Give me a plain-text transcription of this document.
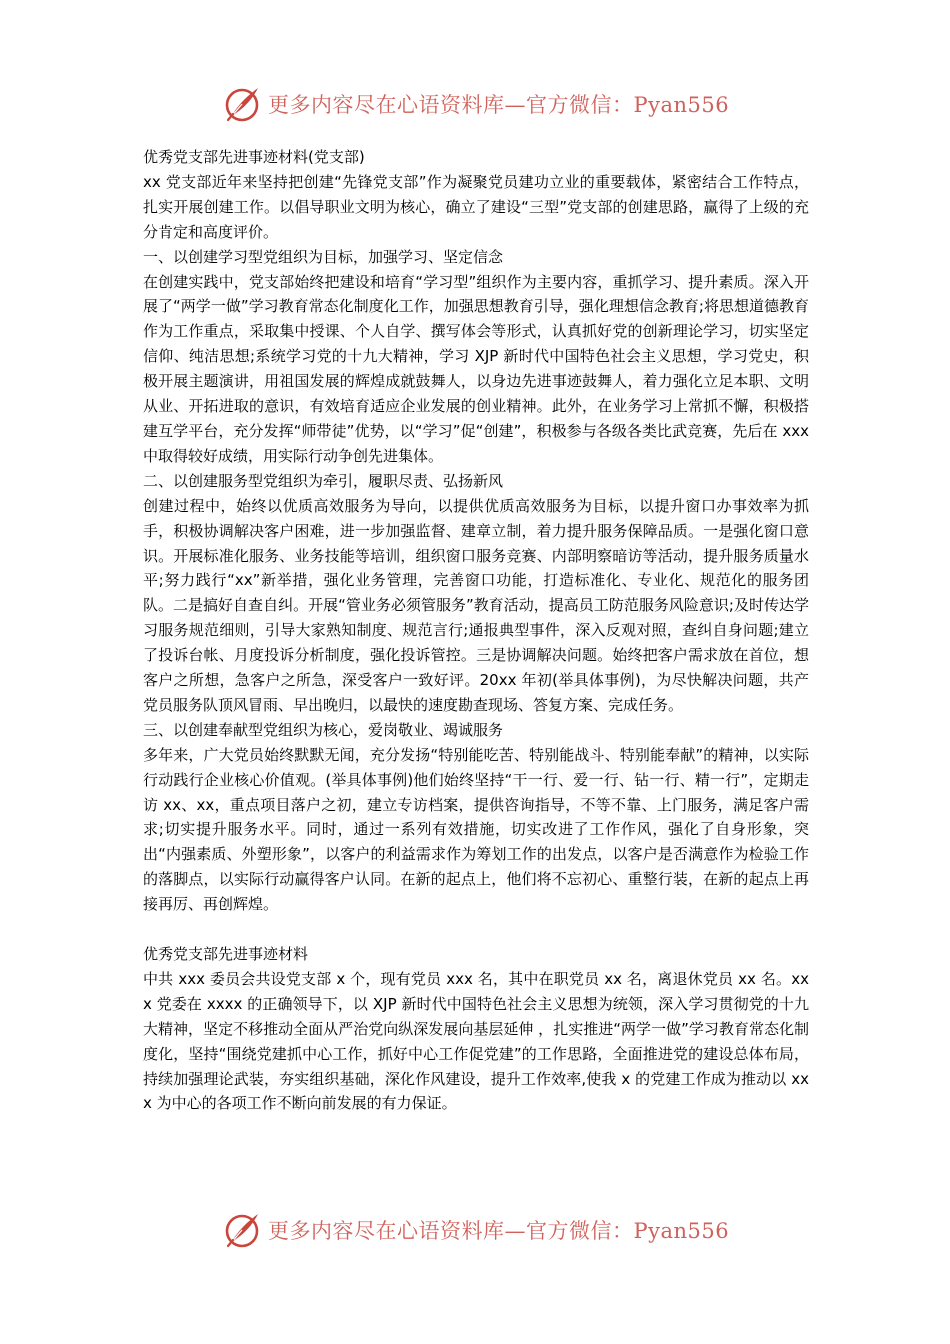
更多内容尽在心语资料库—官方微信：Pyan556

优秀党支部先进事迹材料(党支部)

xx 党支部近年来坚持把创建“先锋党支部”作为凝聚党员建功立业的重要载体，紧密结合工作特点，扎实开展创建工作。以倡导职业文明为核心，确立了建设“三型”党支部的创建思路，赢得了上级的充分肯定和高度评价。

一、以创建学习型党组织为目标，加强学习、坚定信念

在创建实践中，党支部始终把建设和培育“学习型”组织作为主要内容，重抓学习、提升素质。深入开展了“两学一做”学习教育常态化制度化工作，加强思想教育引导，强化理想信念教育;将思想道德教育作为工作重点，采取集中授课、个人自学、撰写体会等形式，认真抓好党的创新理论学习，切实坚定信仰、纯洁思想;系统学习党的十九大精神，学习 XJP 新时代中国特色社会主义思想，学习党史，积极开展主题演讲，用祖国发展的辉煌成就鼓舞人，以身边先进事迹鼓舞人，着力强化立足本职、文明从业、开拓进取的意识，有效培育适应企业发展的创业精神。此外，在业务学习上常抓不懈，积极搭建互学平台，充分发挥“师带徒”优势，以“学习”促“创建”，积极参与各级各类比武竞赛，先后在 xxx 中取得较好成绩，用实际行动争创先进集体。

二、以创建服务型党组织为牵引，履职尽责、弘扬新风

创建过程中，始终以优质高效服务为导向，以提供优质高效服务为目标，以提升窗口办事效率为抓手，积极协调解决客户困难，进一步加强监督、建章立制，着力提升服务保障品质。一是强化窗口意识。开展标准化服务、业务技能等培训，组织窗口服务竞赛、内部明察暗访等活动，提升服务质量水平;努力践行“xx”新举措，强化业务管理，完善窗口功能，打造标准化、专业化、规范化的服务团队。二是搞好自查自纠。开展“管业务必须管服务”教育活动，提高员工防范服务风险意识;及时传达学习服务规范细则，引导大家熟知制度、规范言行;通报典型事件，深入反观对照，查纠自身问题;建立了投诉台帐、月度投诉分析制度，强化投诉管控。三是协调解决问题。始终把客户需求放在首位，想客户之所想，急客户之所急，深受客户一致好评。20xx 年初(举具体事例)，为尽快解决问题，共产党员服务队顶风冒雨、早出晚归，以最快的速度勘查现场、答复方案、完成任务。

三、以创建奉献型党组织为核心，爱岗敬业、竭诚服务

多年来，广大党员始终默默无闻，充分发扬“特别能吃苦、特别能战斗、特别能奉献”的精神，以实际行动践行企业核心价值观。(举具体事例)他们始终坚持“干一行、爱一行、钻一行、精一行”，定期走访 xx、xx，重点项目落户之初，建立专访档案，提供咨询指导，不等不靠、上门服务，满足客户需求;切实提升服务水平。同时，通过一系列有效措施，切实改进了工作作风，强化了自身形象，突出“内强素质、外塑形象”，以客户的利益需求作为筹划工作的出发点，以客户是否满意作为检验工作的落脚点，以实际行动赢得客户认同。在新的起点上，他们将不忘初心、重整行装，在新的起点上再接再厉、再创辉煌。

优秀党支部先进事迹材料

中共 xxx 委员会共设党支部 x 个，现有党员 xxx 名，其中在职党员 xx 名，离退休党员 xx 名。xxx 党委在 xxxx 的正确领导下，以 XJP 新时代中国特色社会主义思想为统领，深入学习贯彻党的十九大精神，坚定不移推动全面从严治党向纵深发展向基层延伸 ，扎实推进“两学一做”学习教育常态化制度化，坚持“围绕党建抓中心工作，抓好中心工作促党建”的工作思路，全面推进党的建设总体布局，持续加强理论武装，夯实组织基础，深化作风建设，提升工作效率,使我 x 的党建工作成为推动以 xxx 为中心的各项工作不断向前发展的有力保证。

更多内容尽在心语资料库—官方微信：Pyan556
